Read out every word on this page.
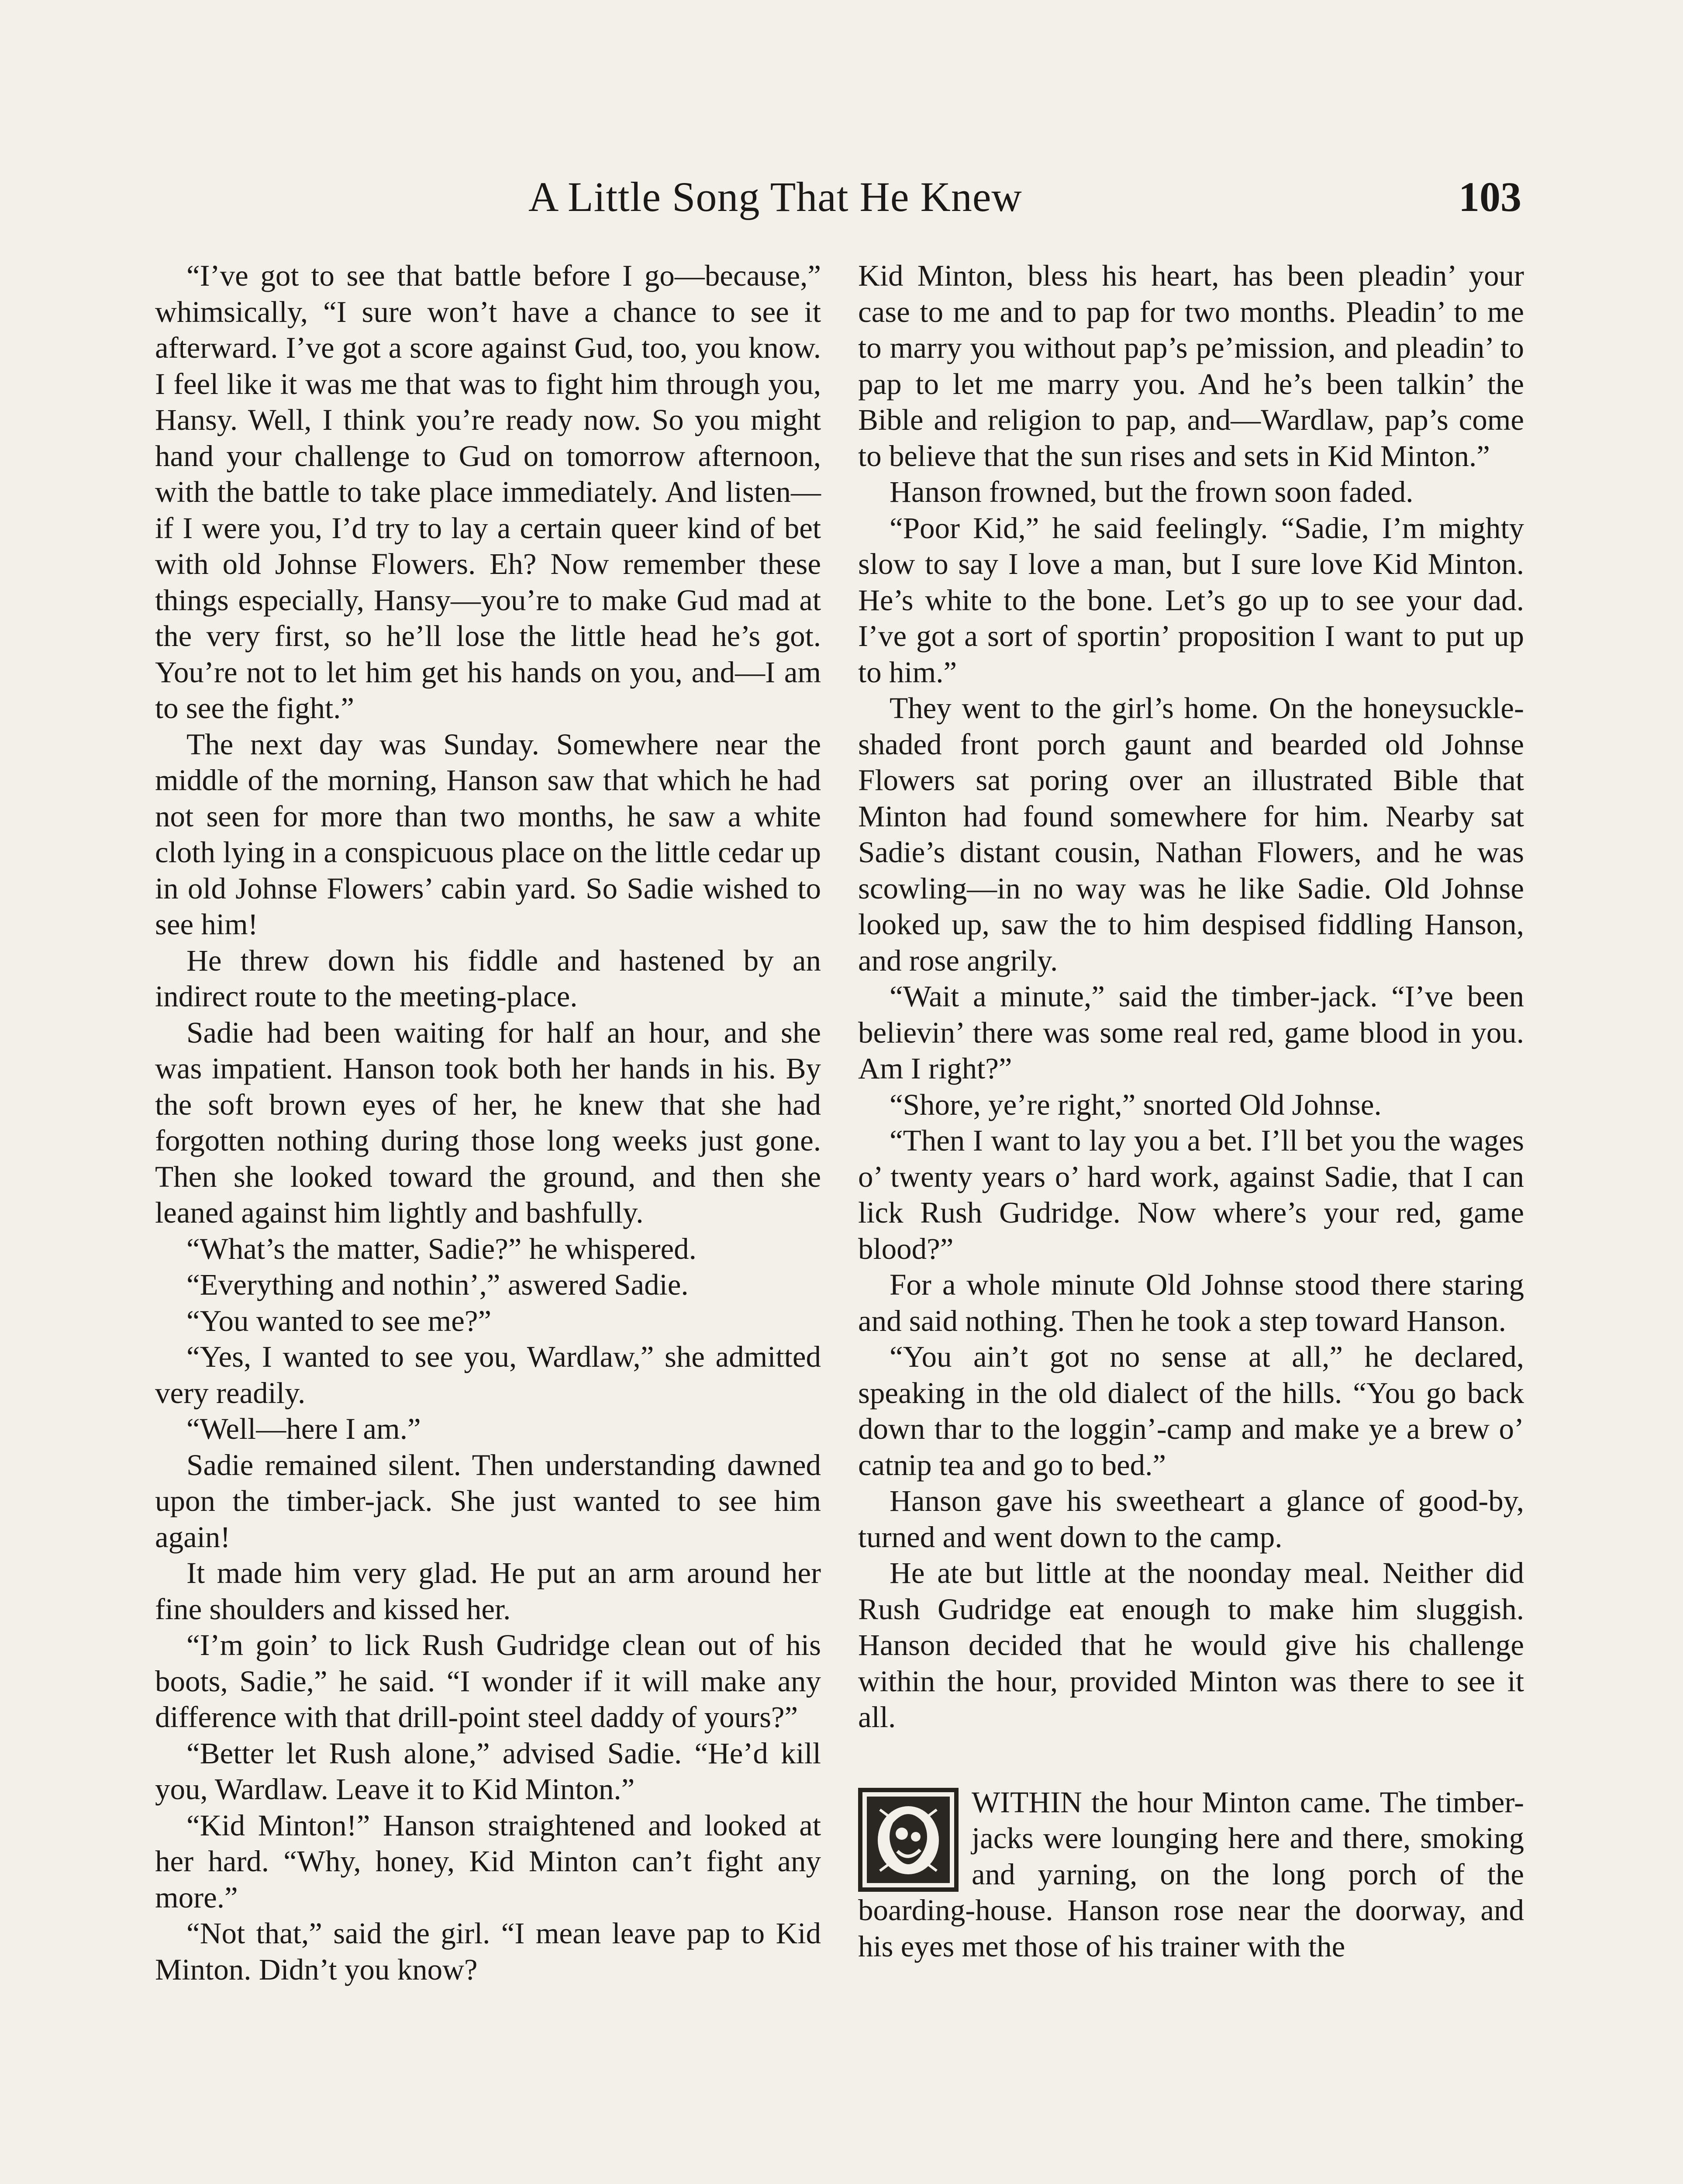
A Little Song That He Knew	103

“I’ve got to see that battle before I go—because,” whimsically, “I sure won’t have a chance to see it afterward. I’ve got a score against Gud, too, you know. I feel like it was me that was to fight him through you, Hansy. Well, I think you’re ready now. So you might hand your challenge to Gud on tomorrow afternoon, with the battle to take place immediately. And listen—if I were you, I’d try to lay a certain queer kind of bet with old Johnse Flowers. Eh? Now remember these things especially, Hansy—you’re to make Gud mad at the very first, so he’ll lose the little head he’s got. You’re not to let him get his hands on you, and—I am to see the fight.”

The next day was Sunday. Somewhere near the middle of the morning, Hanson saw that which he had not seen for more than two months, he saw a white cloth lying in a conspicuous place on the little cedar up in old Johnse Flowers’ cabin yard. So Sadie wished to see him!

He threw down his fiddle and hastened by an indirect route to the meeting-place.

Sadie had been waiting for half an hour, and she was impatient. Hanson took both her hands in his. By the soft brown eyes of her, he knew that she had forgotten nothing during those long weeks just gone. Then she looked toward the ground, and then she leaned against him lightly and bashfully.

“What’s the matter, Sadie?” he whispered.

“Everything and nothin’,” aswered Sadie.

“You wanted to see me?”

“Yes, I wanted to see you, Wardlaw,” she admitted very readily.

“Well—here I am.”

Sadie remained silent. Then understanding dawned upon the timber-jack. She just wanted to see him again!

It made him very glad. He put an arm around her fine shoulders and kissed her.

“I’m goin’ to lick Rush Gudridge clean out of his boots, Sadie,” he said. “I wonder if it will make any difference with that drill-point steel daddy of yours?”

“Better let Rush alone,” advised Sadie. “He’d kill you, Wardlaw. Leave it to Kid Minton.”

“Kid Minton!” Hanson straightened and looked at her hard. “Why, honey, Kid Minton can’t fight any more.”

“Not that,” said the girl. “I mean leave pap to Kid Minton. Didn’t you know?

Kid Minton, bless his heart, has been pleadin’ your case to me and to pap for two months. Pleadin’ to me to marry you without pap’s pe’mission, and pleadin’ to pap to let me marry you. And he’s been talkin’ the Bible and religion to pap, and—Wardlaw, pap’s come to believe that the sun rises and sets in Kid Minton.”

Hanson frowned, but the frown soon faded.

“Poor Kid,” he said feelingly. “Sadie, I’m mighty slow to say I love a man, but I sure love Kid Minton. He’s white to the bone. Let’s go up to see your dad. I’ve got a sort of sportin’ proposition I want to put up to him.”

They went to the girl’s home. On the honeysuckle-shaded front porch gaunt and bearded old Johnse Flowers sat poring over an illustrated Bible that Minton had found somewhere for him. Nearby sat Sadie’s distant cousin, Nathan Flowers, and he was scowling—in no way was he like Sadie. Old Johnse looked up, saw the to him despised fiddling Hanson, and rose angrily.

“Wait a minute,” said the timber-jack. “I’ve been believin’ there was some real red, game blood in you. Am I right?”

“Shore, ye’re right,” snorted Old Johnse.

“Then I want to lay you a bet. I’ll bet you the wages o’ twenty years o’ hard work, against Sadie, that I can lick Rush Gudridge. Now where’s your red, game blood?”

For a whole minute Old Johnse stood there staring and said nothing. Then he took a step toward Hanson.

“You ain’t got no sense at all,” he declared, speaking in the old dialect of the hills. “You go back down thar to the loggin’-camp and make ye a brew o’ catnip tea and go to bed.”

Hanson gave his sweetheart a glance of good-by, turned and went down to the camp.

He ate but little at the noonday meal. Neither did Rush Gudridge eat enough to make him sluggish. Hanson decided that he would give his challenge within the hour, provided Minton was there to see it all.

WITHIN the hour Minton came. The timber-jacks were lounging here and there, smoking and yarning, on the long porch of the boarding-house. Hanson rose near the doorway, and his eyes met those of his trainer with the
